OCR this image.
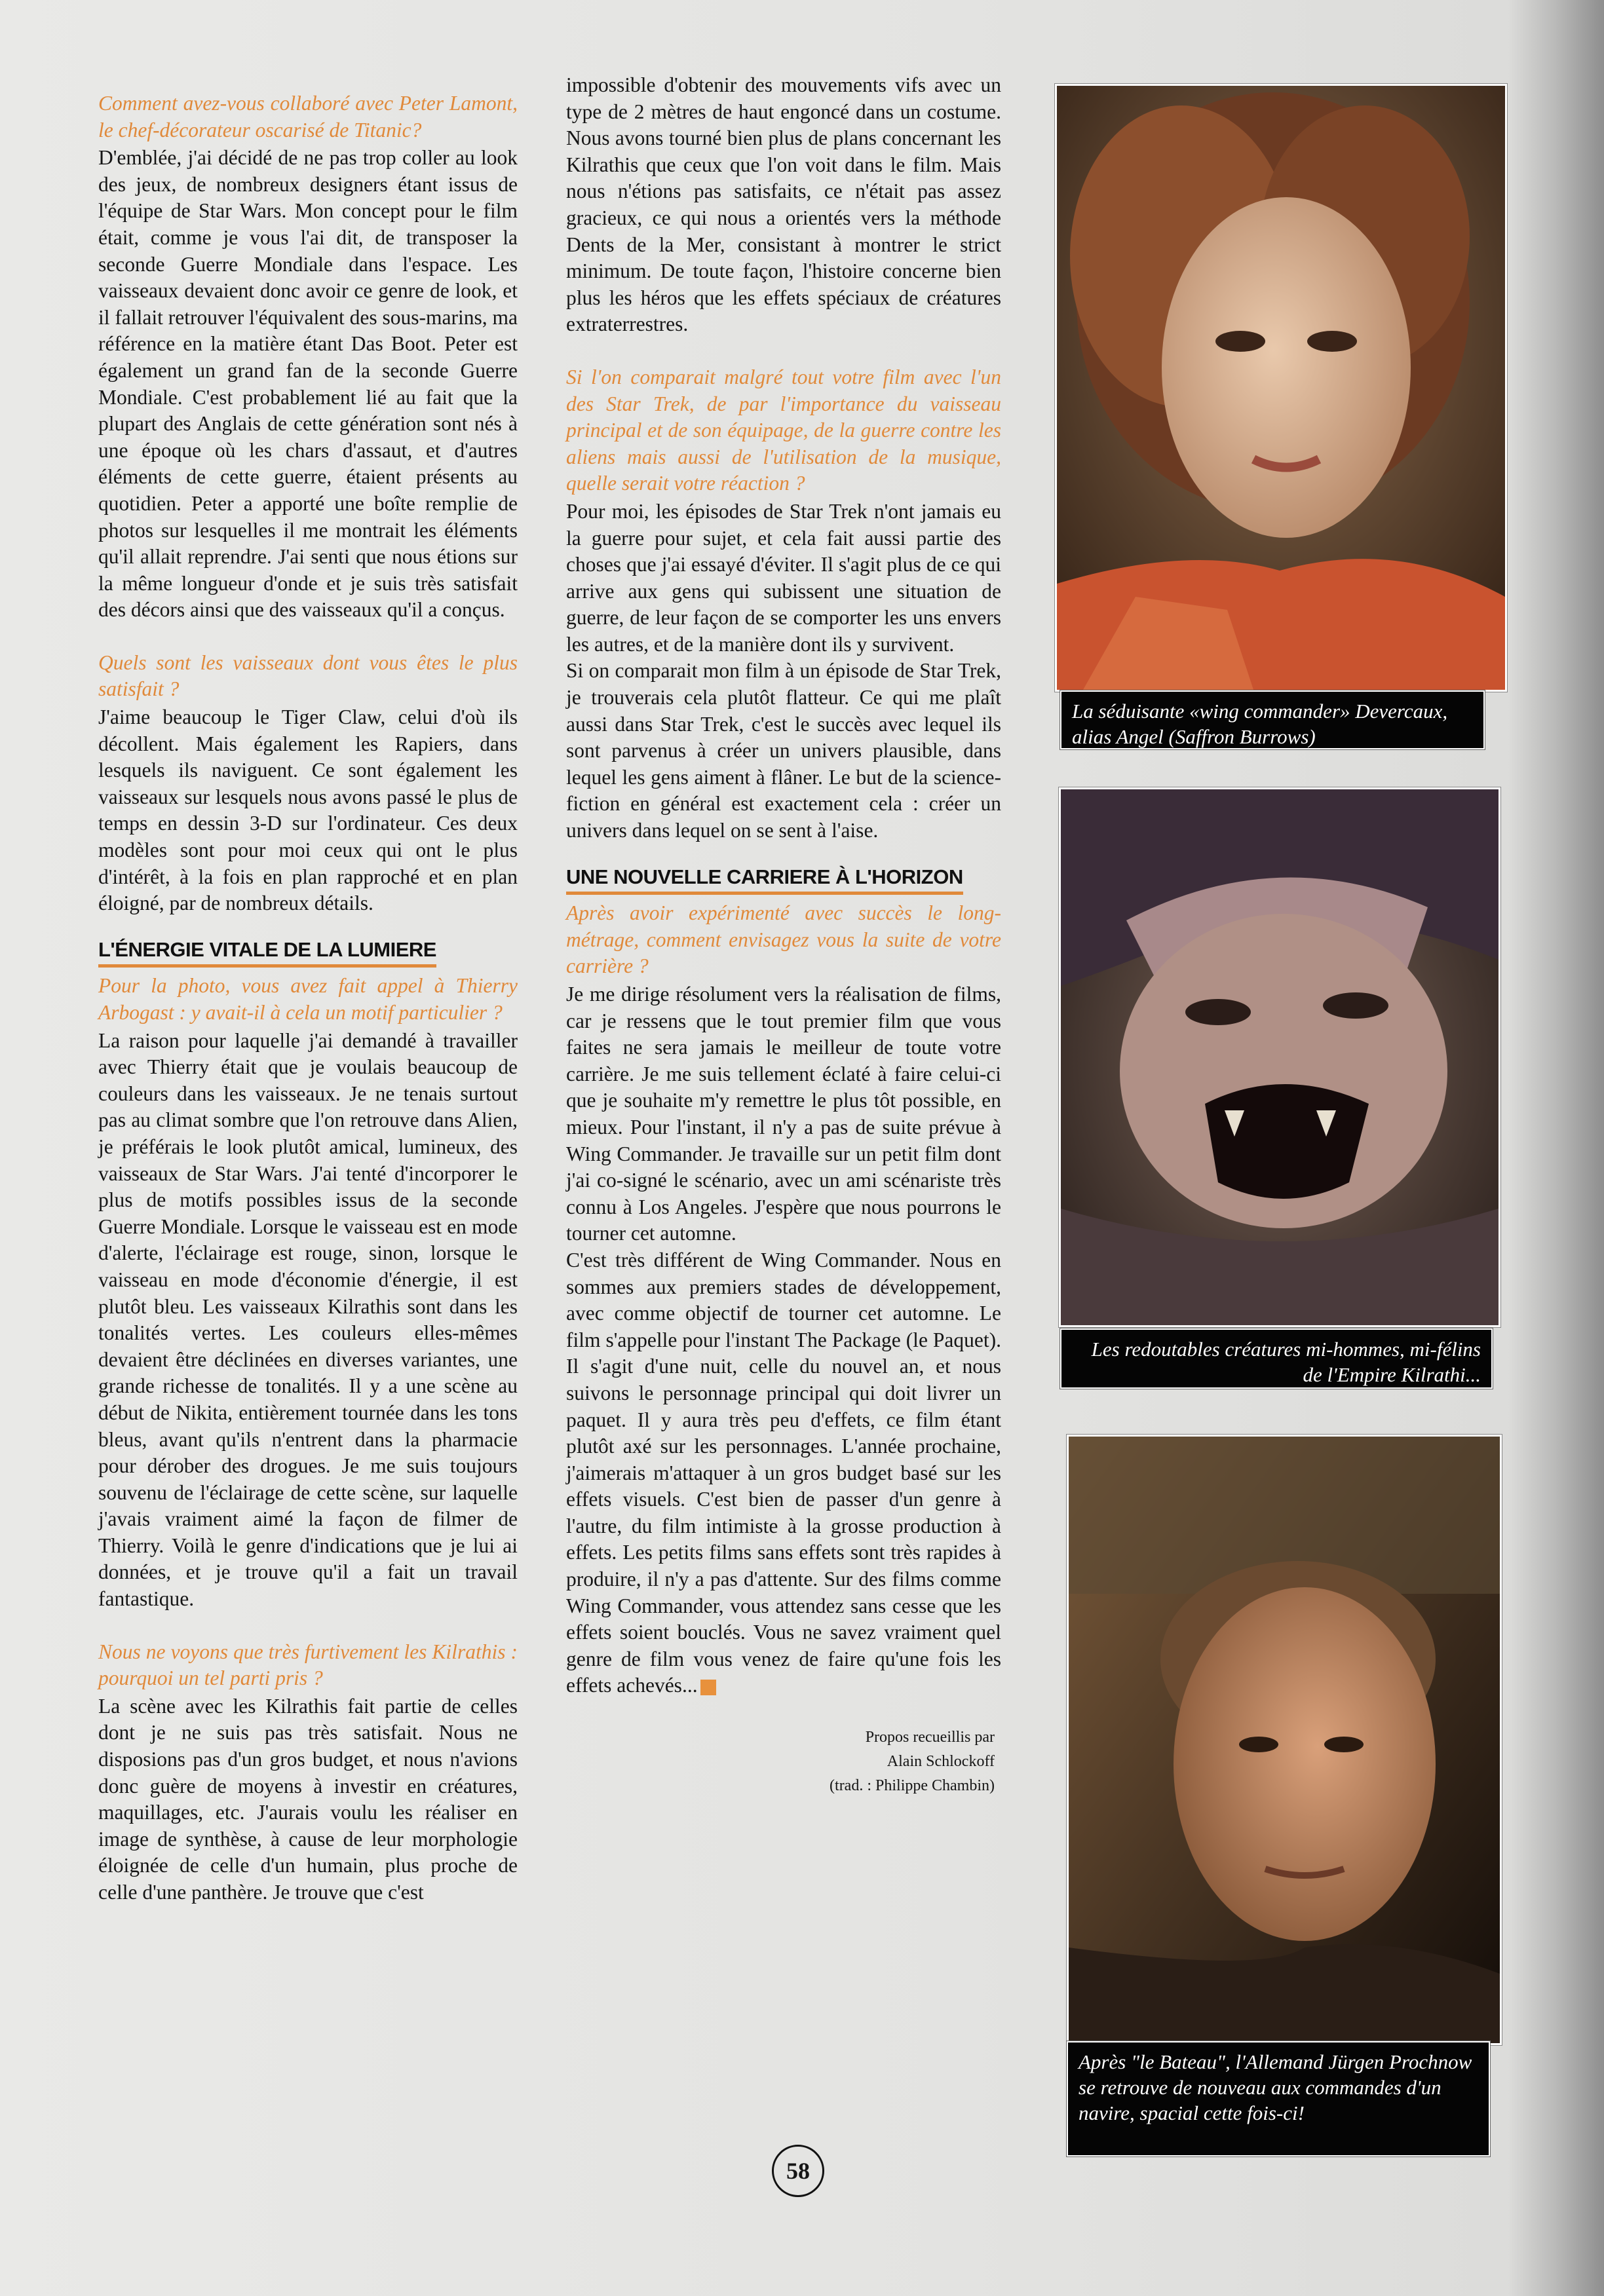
Comment avez-vous collaboré avec Peter Lamont, le chef-décorateur oscarisé de Titanic?

D'emblée, j'ai décidé de ne pas trop coller au look des jeux, de nombreux designers étant issus de l'équipe de Star Wars. Mon concept pour le film était, comme je vous l'ai dit, de transposer la seconde Guerre Mondiale dans l'espace. Les vaisseaux devaient donc avoir ce genre de look, et il fallait retrouver l'équivalent des sous-marins, ma référence en la matière étant Das Boot. Peter est également un grand fan de la seconde Guerre Mondiale. C'est probablement lié au fait que la plupart des Anglais de cette génération sont nés à une époque où les chars d'assaut, et d'autres éléments de cette guerre, étaient présents au quotidien. Peter a apporté une boîte remplie de photos sur lesquelles il me montrait les éléments qu'il allait reprendre. J'ai senti que nous étions sur la même longueur d'onde et je suis très satisfait des décors ainsi que des vaisseaux qu'il a conçus.

Quels sont les vaisseaux dont vous êtes le plus satisfait ?

J'aime beaucoup le Tiger Claw, celui d'où ils décollent. Mais également les Rapiers, dans lesquels ils naviguent. Ce sont également les vaisseaux sur lesquels nous avons passé le plus de temps en dessin 3-D sur l'ordinateur. Ces deux modèles sont pour moi ceux qui ont le plus d'intérêt, à la fois en plan rapproché et en plan éloigné, par de nombreux détails.

L'ÉNERGIE VITALE DE LA LUMIERE

Pour la photo, vous avez fait appel à Thierry Arbogast : y avait-il à cela un motif particulier ?

La raison pour laquelle j'ai demandé à travailler avec Thierry était que je voulais beaucoup de couleurs dans les vaisseaux. Je ne tenais surtout pas au climat sombre que l'on retrouve dans Alien, je préférais le look plutôt amical, lumineux, des vaisseaux de Star Wars. J'ai tenté d'incorporer le plus de motifs possibles issus de la seconde Guerre Mondiale. Lorsque le vaisseau est en mode d'alerte, l'éclairage est rouge, sinon, lorsque le vaisseau en mode d'économie d'énergie, il est plutôt bleu. Les vaisseaux Kilrathis sont dans les tonalités vertes. Les couleurs elles-mêmes devaient être déclinées en diverses variantes, une grande richesse de tonalités. Il y a une scène au début de Nikita, entièrement tournée dans les tons bleus, avant qu'ils n'entrent dans la pharmacie pour dérober des drogues. Je me suis toujours souvenu de l'éclairage de cette scène, sur laquelle j'avais vraiment aimé la façon de filmer de Thierry. Voilà le genre d'indications que je lui ai données, et je trouve qu'il a fait un travail fantastique.

Nous ne voyons que très furtivement les Kilrathis : pourquoi un tel parti pris ?

La scène avec les Kilrathis fait partie de celles dont je ne suis pas très satisfait. Nous ne disposions pas d'un gros budget, et nous n'avions donc guère de moyens à investir en créatures, maquillages, etc. J'aurais voulu les réaliser en image de synthèse, à cause de leur morphologie éloignée de celle d'un humain, plus proche de celle d'une panthère. Je trouve que c'est

impossible d'obtenir des mouvements vifs avec un type de 2 mètres de haut engoncé dans un costume. Nous avons tourné bien plus de plans concernant les Kilrathis que ceux que l'on voit dans le film. Mais nous n'étions pas satisfaits, ce n'était pas assez gracieux, ce qui nous a orientés vers la méthode Dents de la Mer, consistant à montrer le strict minimum. De toute façon, l'histoire concerne bien plus les héros que les effets spéciaux de créatures extraterrestres.

Si l'on comparait malgré tout votre film avec l'un des Star Trek, de par l'importance du vaisseau principal et de son équipage, de la guerre contre les aliens mais aussi de l'utilisation de la musique, quelle serait votre réaction ?

Pour moi, les épisodes de Star Trek n'ont jamais eu la guerre pour sujet, et cela fait aussi partie des choses que j'ai essayé d'éviter. Il s'agit plus de ce qui arrive aux gens qui subissent une situation de guerre, de leur façon de se comporter les uns envers les autres, et de la manière dont ils y survivent.

Si on comparait mon film à un épisode de Star Trek, je trouverais cela plutôt flatteur. Ce qui me plaît aussi dans Star Trek, c'est le succès avec lequel ils sont parvenus à créer un univers plausible, dans lequel les gens aiment à flâner. Le but de la science-fiction en général est exactement cela : créer un univers dans lequel on se sent à l'aise.

UNE NOUVELLE CARRIERE À L'HORIZON

Après avoir expérimenté avec succès le long-métrage, comment envisagez vous la suite de votre carrière ?

Je me dirige résolument vers la réalisation de films, car je ressens que le tout premier film que vous faites ne sera jamais le meilleur de toute votre carrière. Je me suis tellement éclaté à faire celui-ci que je souhaite m'y remettre le plus tôt possible, en mieux. Pour l'instant, il n'y a pas de suite prévue à Wing Commander. Je travaille sur un petit film dont j'ai co-signé le scénario, avec un ami scénariste très connu à Los Angeles. J'espère que nous pourrons le tourner cet automne.

C'est très différent de Wing Commander. Nous en sommes aux premiers stades de développement, avec comme objectif de tourner cet automne. Le film s'appelle pour l'instant The Package (le Paquet). Il s'agit d'une nuit, celle du nouvel an, et nous suivons le personnage principal qui doit livrer un paquet. Il y aura très peu d'effets, ce film étant plutôt axé sur les personnages. L'année prochaine, j'aimerais m'attaquer à un gros budget basé sur les effets visuels. C'est bien de passer d'un genre à l'autre, du film intimiste à la grosse production à effets. Les petits films sans effets sont très rapides à produire, il n'y a pas d'attente. Sur des films comme Wing Commander, vous attendez sans cesse que les effets soient bouclés. Vous ne savez vraiment quel genre de film vous venez de faire qu'une fois les effets achevés...

Propos recueillis par
Alain Schlockoff
(trad. : Philippe Chambin)
La séduisante «wing commander» Devercaux, alias Angel (Saffron Burrows)
Les redoutables créatures mi-hommes, mi-félins de l'Empire Kilrathi...
Après "le Bateau", l'Allemand Jürgen Prochnow se retrouve de nouveau aux commandes d'un navire, spacial cette fois-ci!
58
